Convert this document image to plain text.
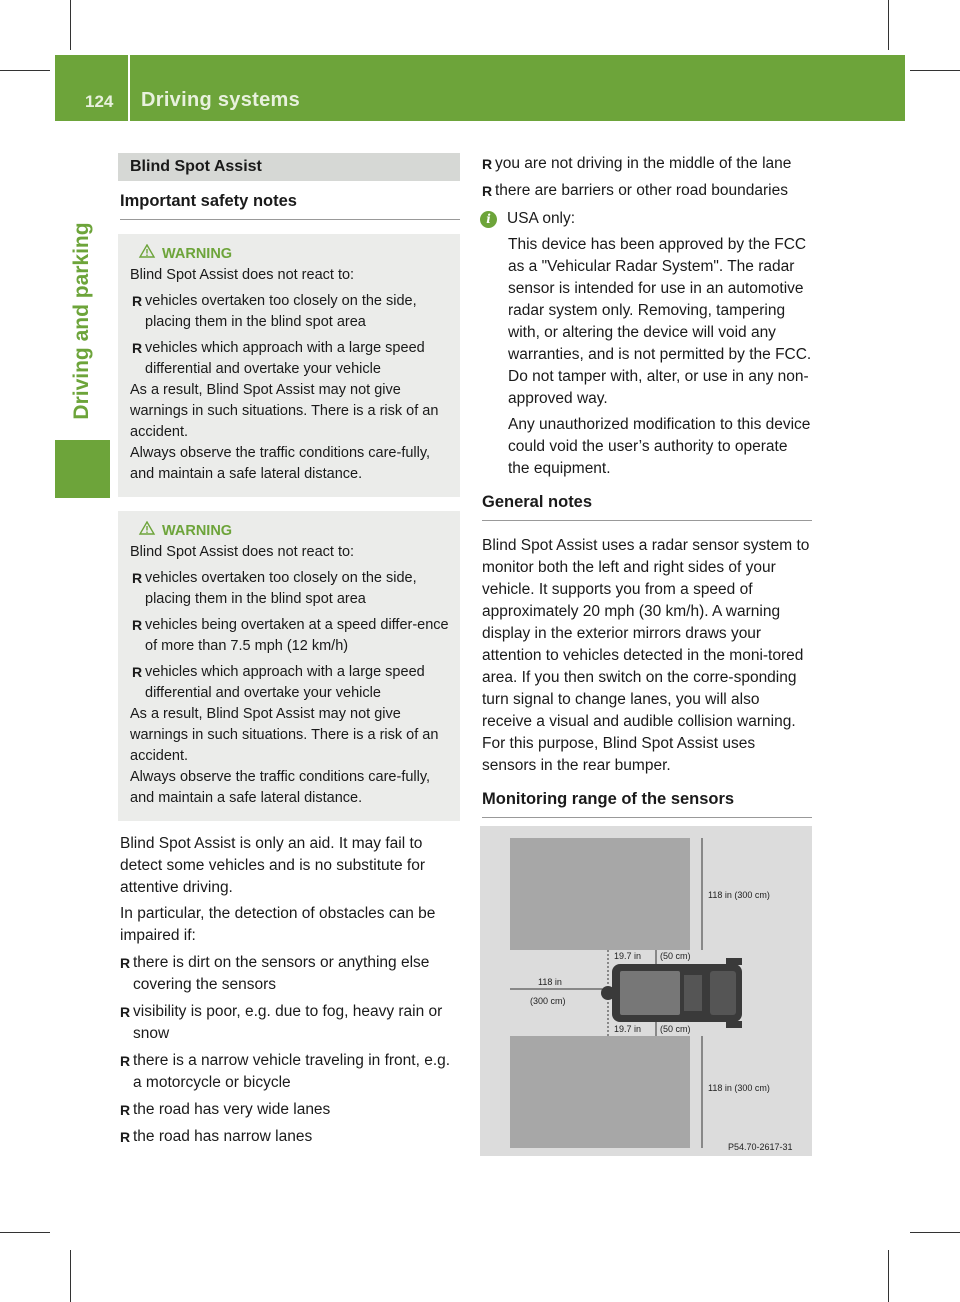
124	Driving systems
Driving and parking
Blind Spot Assist
Important safety notes
WARNING

Blind Spot Assist does not react to:

R vehicles overtaken too closely on the side, placing them in the blind spot area
R vehicles which approach with a large speed differential and overtake your vehicle

As a result, Blind Spot Assist may not give warnings in such situations. There is a risk of an accident.

Always observe the traffic conditions care-fully, and maintain a safe lateral distance.

WARNING

Blind Spot Assist does not react to:

R vehicles overtaken too closely on the side, placing them in the blind spot area
R vehicles being overtaken at a speed differ-ence of more than 7.5 mph (12 km/h)
R vehicles which approach with a large speed differential and overtake your vehicle

As a result, Blind Spot Assist may not give warnings in such situations. There is a risk of an accident.

Always observe the traffic conditions care-fully, and maintain a safe lateral distance.

Blind Spot Assist is only an aid. It may fail to detect some vehicles and is no substitute for attentive driving.

In particular, the detection of obstacles can be impaired if:

R there is dirt on the sensors or anything else covering the sensors
R visibility is poor, e.g. due to fog, heavy rain or snow
R there is a narrow vehicle traveling in front, e.g. a motorcycle or bicycle
R the road has very wide lanes
R the road has narrow lanes
R you are not driving in the middle of the lane
R there are barriers or other road boundaries
i	USA only:

This device has been approved by the FCC as a "Vehicular Radar System". The radar sensor is intended for use in an automotive radar system only. Removing, tampering with, or altering the device will void any warranties, and is not permitted by the FCC. Do not tamper with, alter, or use in any non-approved way.

Any unauthorized modification to this device could void the user’s authority to operate the equipment.

General notes

Blind Spot Assist uses a radar sensor system to monitor both the left and right sides of your vehicle. It supports you from a speed of approximately 20 mph (30 km/h). A warning display in the exterior mirrors draws your attention to vehicles detected in the moni-tored area. If you then switch on the corre-sponding turn signal to change lanes, you will also receive a visual and audible collision warning. For this purpose, Blind Spot Assist uses sensors in the rear bumper.

Monitoring range of the sensors
118 in (300 cm)
19.7 in (50 cm)
118 in
(300 cm)
19.7 in (50 cm)
118 in (300 cm)
P54.70-2617-31
